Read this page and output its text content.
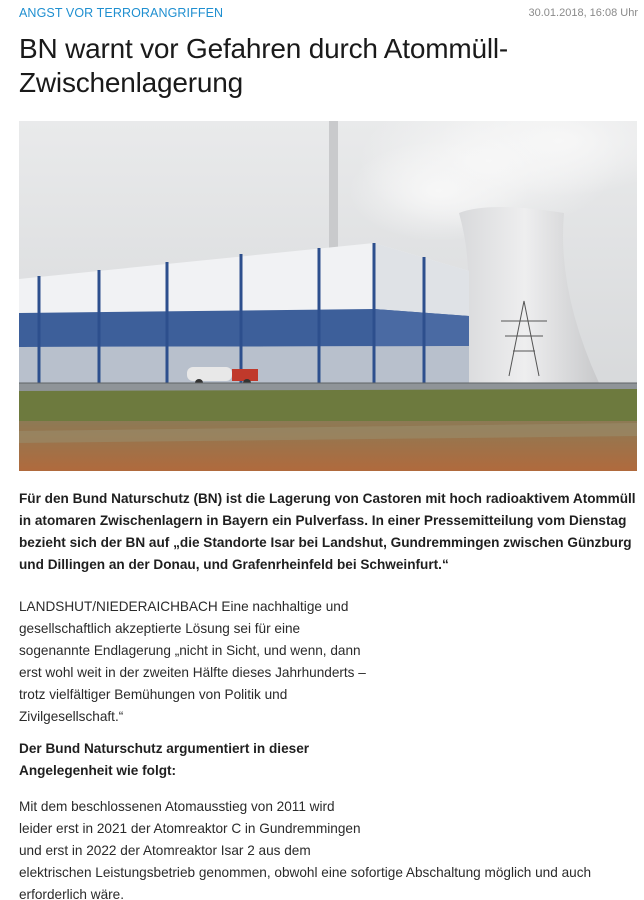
ANGST VOR TERRORANGRIFFEN	30.01.2018, 16:08 Uhr
BN warnt vor Gefahren durch Atommüll-
Zwischenlagerung
Für den Bund Naturschutz (BN) ist die Lagerung von Castoren mit hoch radioaktivem Atommüll
in atomaren Zwischenlagern in Bayern ein Pulverfass. In einer Pressemitteilung vom Dienstag
bezieht sich der BN auf „die Standorte Isar bei Landshut, Gundremmingen zwischen Günzburg
und Dillingen an der Donau, und Grafenrheinfeld bei Schweinfurt.“
LANDSHUT/NIEDERAICHBACH Eine nachhaltige und
gesellschaftlich akzeptierte Lösung sei für eine
sogenannte Endlagerung „nicht in Sicht, und wenn, dann
erst wohl weit in der zweiten Hälfte dieses Jahrhunderts –
trotz vielfältiger Bemühungen von Politik und
Zivilgesellschaft.“
Der Bund Naturschutz argumentiert in dieser
Angelegenheit wie folgt:
Mit dem beschlossenen Atomausstieg von 2011 wird
leider erst in 2021 der Atomreaktor C in Gundremmingen
und erst in 2022 der Atomreaktor Isar 2 aus dem
elektrischen Leistungsbetrieb genommen, obwohl eine sofortige Abschaltung möglich und auch
erforderlich wäre.
